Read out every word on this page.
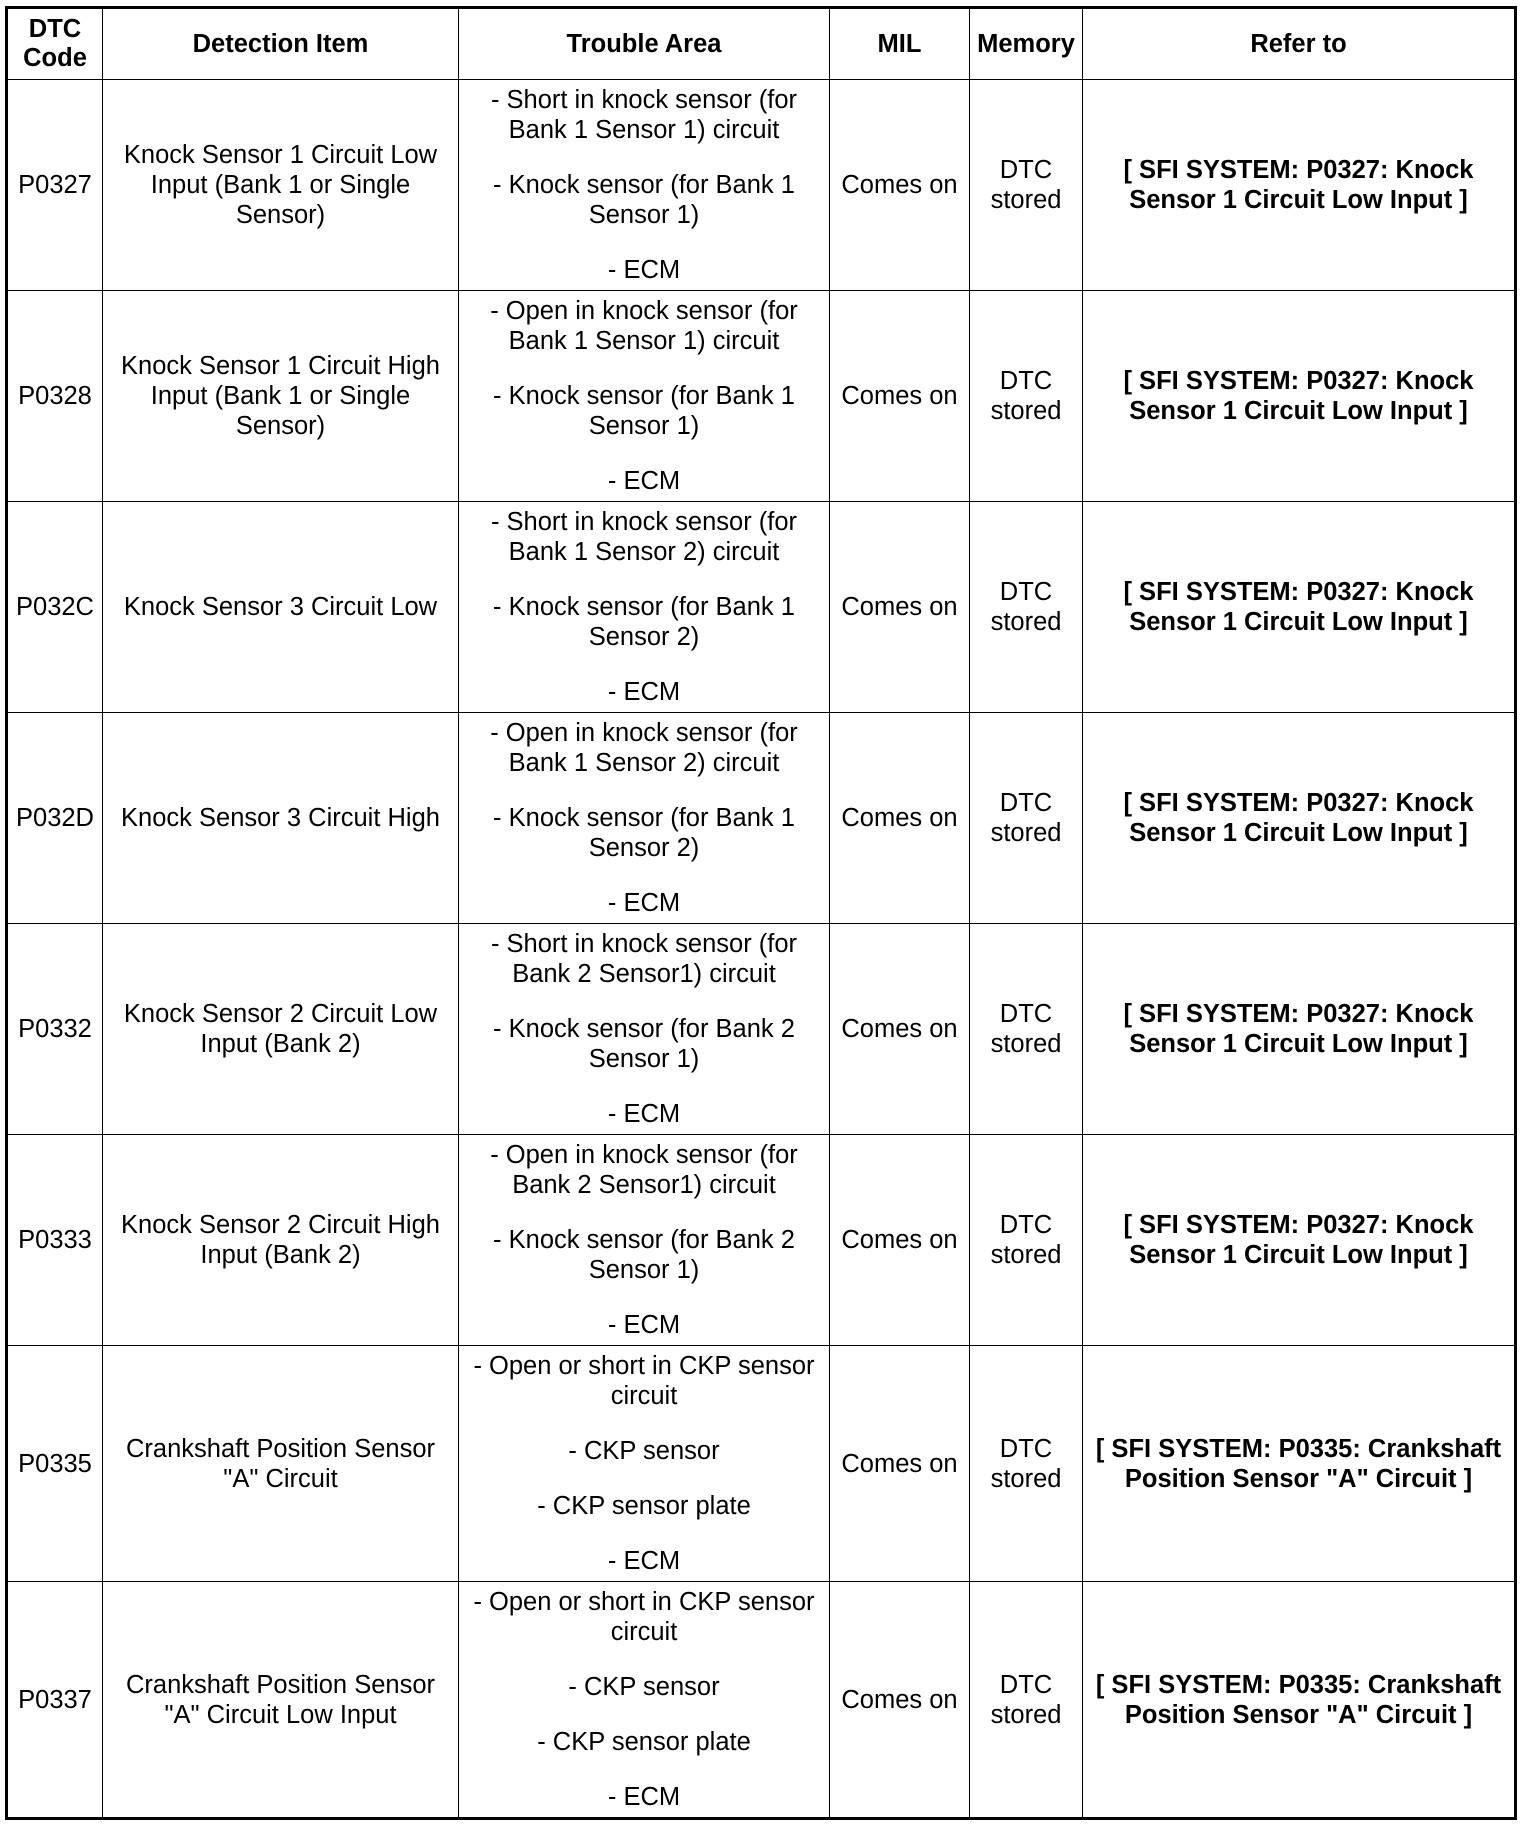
DTC Code	Detection Item	Trouble Area	MIL	Memory	Refer to
P0327	Knock Sensor 1 Circuit Low Input (Bank 1 or Single Sensor)	- Short in knock sensor (for Bank 1 Sensor 1) circuit
- Knock sensor (for Bank 1 Sensor 1)
- ECM	Comes on	DTC stored	[ SFI SYSTEM: P0327: Knock Sensor 1 Circuit Low Input ]
P0328	Knock Sensor 1 Circuit High Input (Bank 1 or Single Sensor)	- Open in knock sensor (for Bank 1 Sensor 1) circuit
- Knock sensor (for Bank 1 Sensor 1)
- ECM	Comes on	DTC stored	[ SFI SYSTEM: P0327: Knock Sensor 1 Circuit Low Input ]
P032C	Knock Sensor 3 Circuit Low	- Short in knock sensor (for Bank 1 Sensor 2) circuit
- Knock sensor (for Bank 1 Sensor 2)
- ECM	Comes on	DTC stored	[ SFI SYSTEM: P0327: Knock Sensor 1 Circuit Low Input ]
P032D	Knock Sensor 3 Circuit High	- Open in knock sensor (for Bank 1 Sensor 2) circuit
- Knock sensor (for Bank 1 Sensor 2)
- ECM	Comes on	DTC stored	[ SFI SYSTEM: P0327: Knock Sensor 1 Circuit Low Input ]
P0332	Knock Sensor 2 Circuit Low Input (Bank 2)	- Short in knock sensor (for Bank 2 Sensor1) circuit
- Knock sensor (for Bank 2 Sensor 1)
- ECM	Comes on	DTC stored	[ SFI SYSTEM: P0327: Knock Sensor 1 Circuit Low Input ]
P0333	Knock Sensor 2 Circuit High Input (Bank 2)	- Open in knock sensor (for Bank 2 Sensor1) circuit
- Knock sensor (for Bank 2 Sensor 1)
- ECM	Comes on	DTC stored	[ SFI SYSTEM: P0327: Knock Sensor 1 Circuit Low Input ]
P0335	Crankshaft Position Sensor "A" Circuit	- Open or short in CKP sensor circuit
- CKP sensor
- CKP sensor plate
- ECM	Comes on	DTC stored	[ SFI SYSTEM: P0335: Crankshaft Position Sensor "A" Circuit ]
P0337	Crankshaft Position Sensor "A" Circuit Low Input	- Open or short in CKP sensor circuit
- CKP sensor
- CKP sensor plate
- ECM	Comes on	DTC stored	[ SFI SYSTEM: P0335: Crankshaft Position Sensor "A" Circuit ]
